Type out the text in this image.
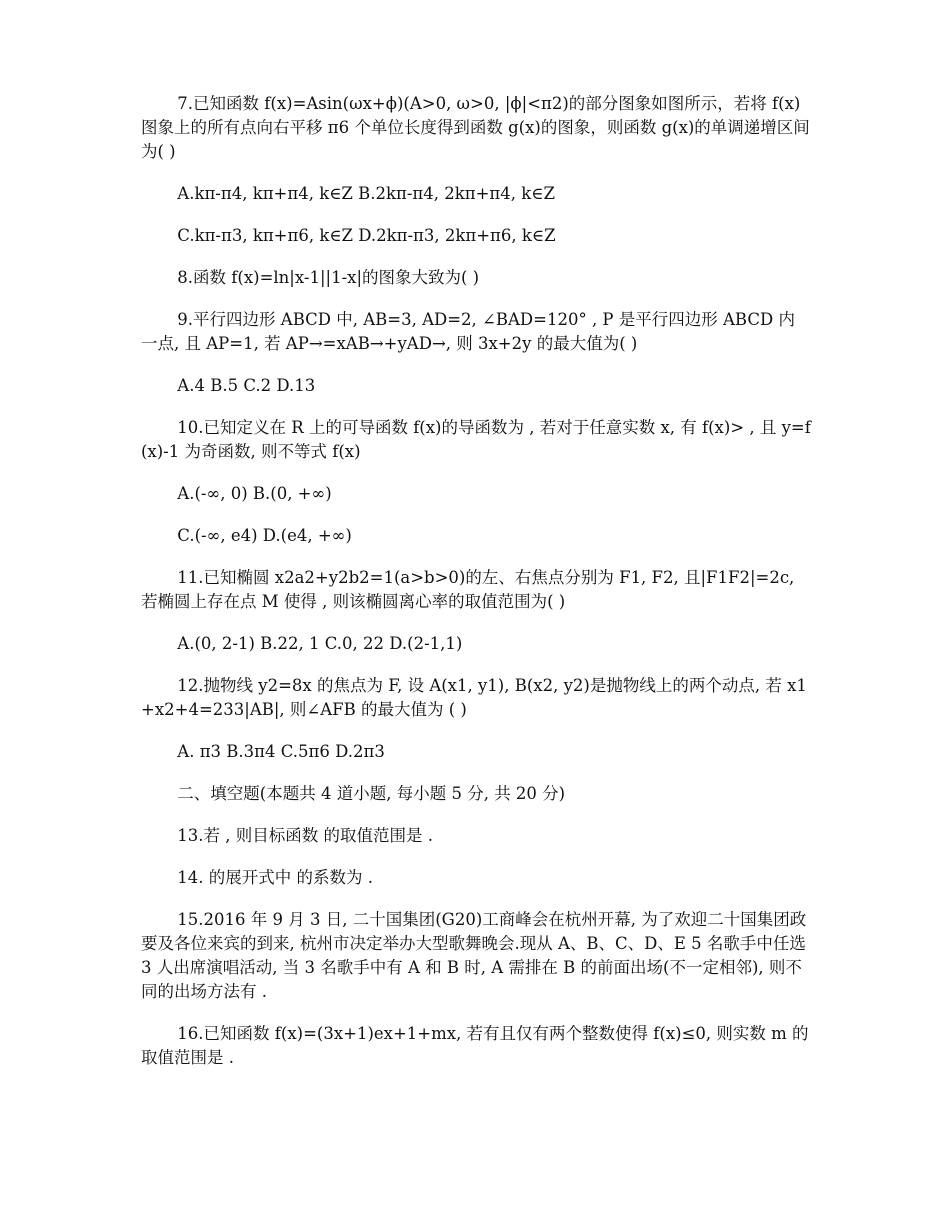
7.已知函数 f(x)=Asin(ωx+ϕ)(A>0, ω>0, |ϕ|<π2)的部分图象如图所示，若将 f(x)图象上的所有点向右平移 π6 个单位长度得到函数 g(x)的图象，则函数 g(x)的单调递增区间为( )

A.kπ-π4, kπ+π4, k∈Z B.2kπ-π4, 2kπ+π4, k∈Z

C.kπ-π3, kπ+π6, k∈Z D.2kπ-π3, 2kπ+π6, k∈Z

8.函数 f(x)=ln|x-1||1-x|的图象大致为( )

9.平行四边形 ABCD 中, AB=3, AD=2, ∠BAD=120° , P 是平行四边形 ABCD 内一点, 且 AP=1, 若 AP→=xAB→+yAD→, 则 3x+2y 的最大值为( )

A.4 B.5 C.2 D.13

10.已知定义在 R 上的可导函数 f(x)的导函数为 , 若对于任意实数 x, 有 f(x)> , 且 y=f(x)-1 为奇函数, 则不等式 f(x)

A.(-∞, 0) B.(0, +∞)

C.(-∞, e4) D.(e4, +∞)

11.已知椭圆 x2a2+y2b2=1(a>b>0)的左、右焦点分别为 F1, F2, 且|F1F2|=2c, 若椭圆上存在点 M 使得 , 则该椭圆离心率的取值范围为( )

A.(0, 2-1) B.22, 1 C.0, 22 D.(2-1,1)

12.抛物线 y2=8x 的焦点为 F, 设 A(x1, y1), B(x2, y2)是抛物线上的两个动点, 若 x1+x2+4=233|AB|, 则∠AFB 的最大值为 ( )

A. π3 B.3π4 C.5π6 D.2π3

二、填空题(本题共 4 道小题, 每小题 5 分, 共 20 分)

13.若 , 则目标函数 的取值范围是 .

14. 的展开式中 的系数为 .

15.2016 年 9 月 3 日, 二十国集团(G20)工商峰会在杭州开幕, 为了欢迎二十国集团政要及各位来宾的到来, 杭州市决定举办大型歌舞晚会.现从 A、B、C、D、E 5 名歌手中任选 3 人出席演唱活动, 当 3 名歌手中有 A 和 B 时, A 需排在 B 的前面出场(不一定相邻), 则不同的出场方法有 .

16.已知函数 f(x)=(3x+1)ex+1+mx, 若有且仅有两个整数使得 f(x)≤0, 则实数 m 的取值范围是 .
